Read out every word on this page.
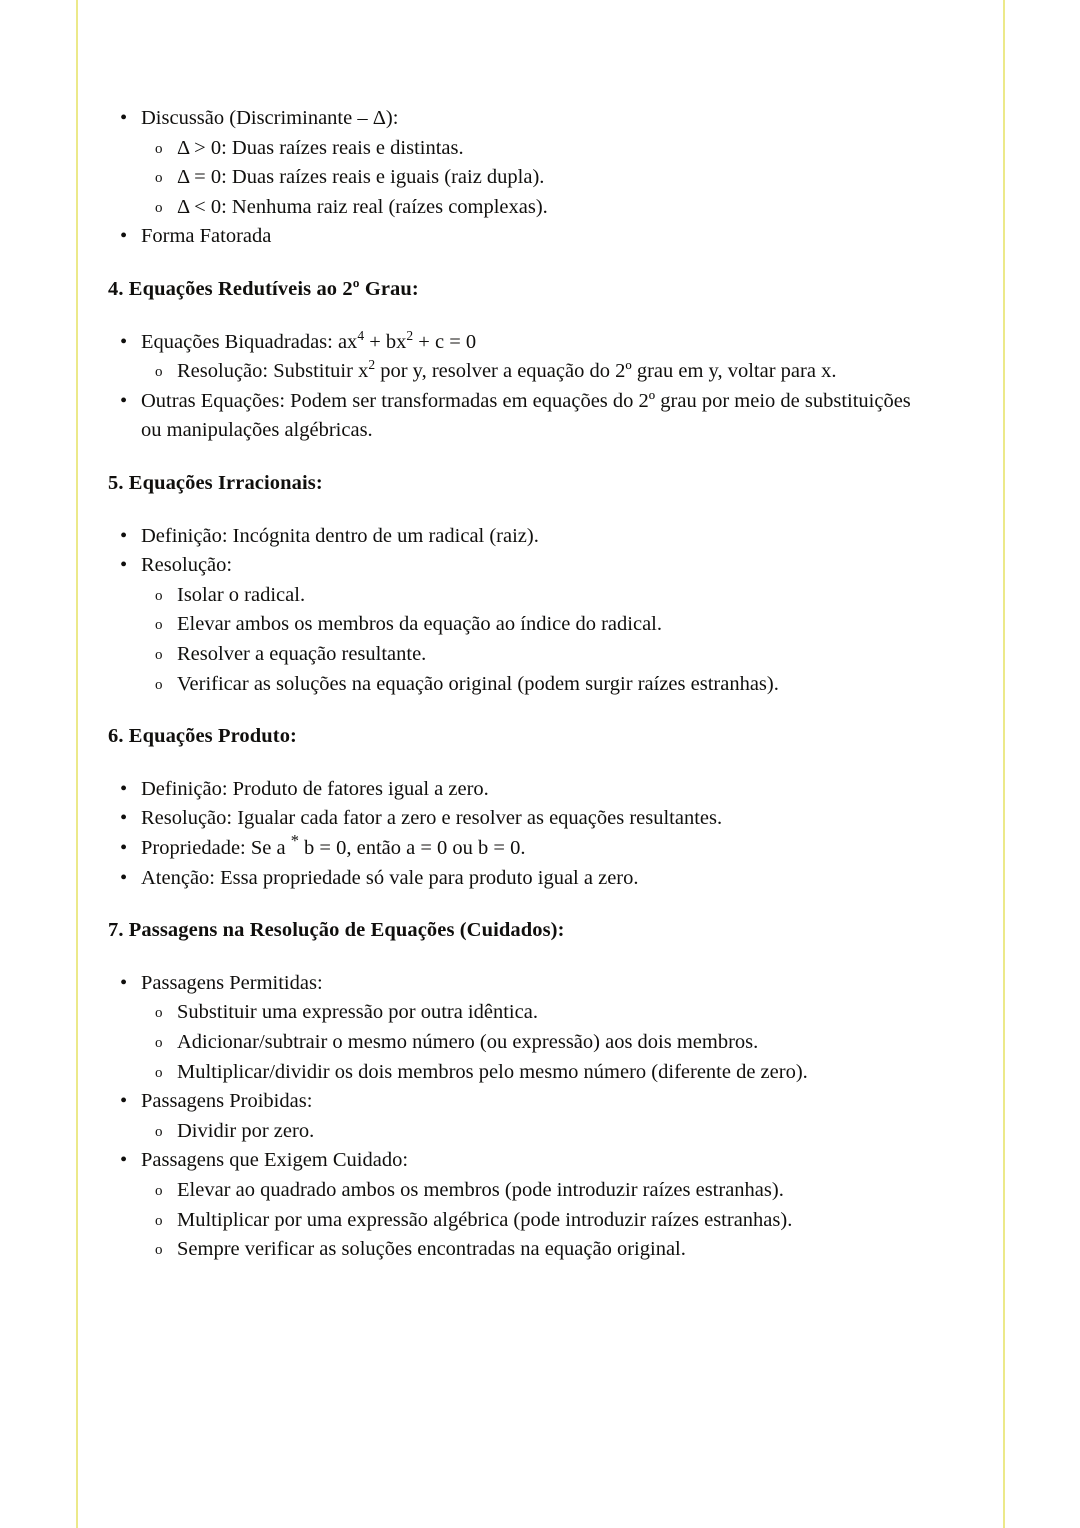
• Discussão (Discriminante – Δ):
o Δ > 0: Duas raízes reais e distintas.
o Δ = 0: Duas raízes reais e iguais (raiz dupla).
o Δ < 0: Nenhuma raiz real (raízes complexas).
• Forma Fatorada

4. Equações Redutíveis ao 2º Grau:

• Equações Biquadradas: $ax^4 + bx^2 + c = 0$
o Resolução: Substituir $x^2$ por y, resolver a equação do 2º grau em y, voltar para x.
• Outras Equações: Podem ser transformadas em equações do 2º grau por meio de substituições ou manipulações algébricas.

5. Equações Irracionais:

• Definição: Incógnita dentro de um radical (raiz).
• Resolução:
o Isolar o radical.
o Elevar ambos os membros da equação ao índice do radical.
o Resolver a equação resultante.
o Verificar as soluções na equação original (podem surgir raízes estranhas).

6. Equações Produto:

• Definição: Produto de fatores igual a zero.
• Resolução: Igualar cada fator a zero e resolver as equações resultantes.
• Propriedade: Se a * b = 0, então a = 0 ou b = 0.
• Atenção: Essa propriedade só vale para produto igual a zero.

7. Passagens na Resolução de Equações (Cuidados):

• Passagens Permitidas:
o Substituir uma expressão por outra idêntica.
o Adicionar/subtrair o mesmo número (ou expressão) aos dois membros.
o Multiplicar/dividir os dois membros pelo mesmo número (diferente de zero).
• Passagens Proibidas:
o Dividir por zero.
• Passagens que Exigem Cuidado:
o Elevar ao quadrado ambos os membros (pode introduzir raízes estranhas).
o Multiplicar por uma expressão algébrica (pode introduzir raízes estranhas).
o Sempre verificar as soluções encontradas na equação original.
